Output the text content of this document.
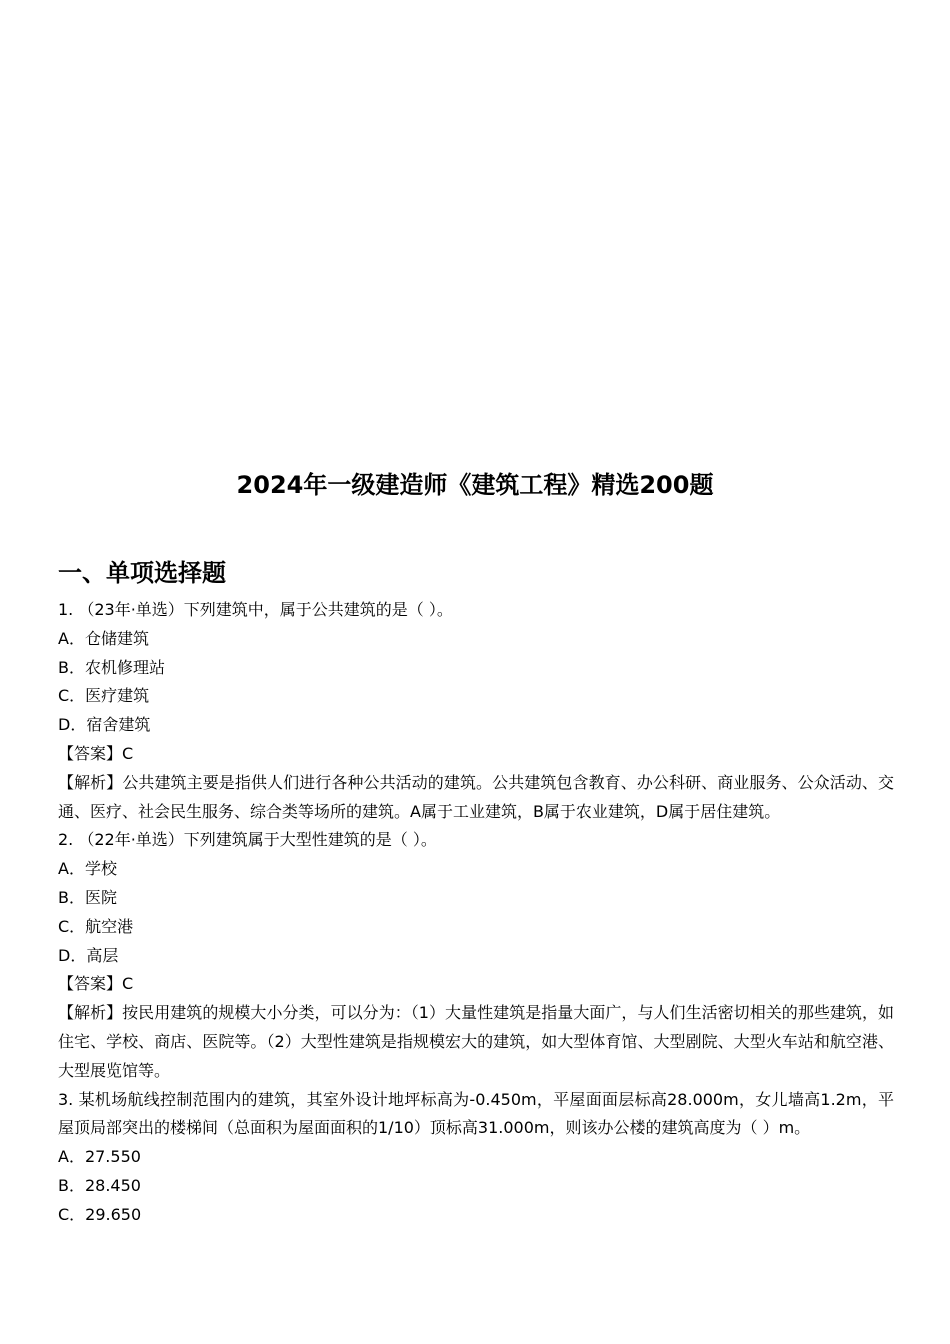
2024年一级建造师《建筑工程》精选200题
一、单项选择题

1. （23年·单选）下列建筑中，属于公共建筑的是（ ）。

A．仓储建筑

B．农机修理站

C．医疗建筑

D．宿舍建筑

【答案】C

【解析】公共建筑主要是指供人们进行各种公共活动的建筑。公共建筑包含教育、办公科研、商业服务、公众活动、交通、医疗、社会民生服务、综合类等场所的建筑。A属于工业建筑，B属于农业建筑，D属于居住建筑。

2. （22年·单选）下列建筑属于大型性建筑的是（ ）。

A．学校

B．医院

C．航空港

D．高层

【答案】C

【解析】按民用建筑的规模大小分类，可以分为：（1）大量性建筑是指量大面广，与人们生活密切相关的那些建筑，如住宅、学校、商店、医院等。（2）大型性建筑是指规模宏大的建筑，如大型体育馆、大型剧院、大型火车站和航空港、大型展览馆等。

3. 某机场航线控制范围内的建筑，其室外设计地坪标高为-0.450m，平屋面面层标高28.000m，女儿墙高1.2m，平屋顶局部突出的楼梯间（总面积为屋面面积的1/10）顶标高31.000m，则该办公楼的建筑高度为（ ）m。

A．27.550

B．28.450

C．29.650
